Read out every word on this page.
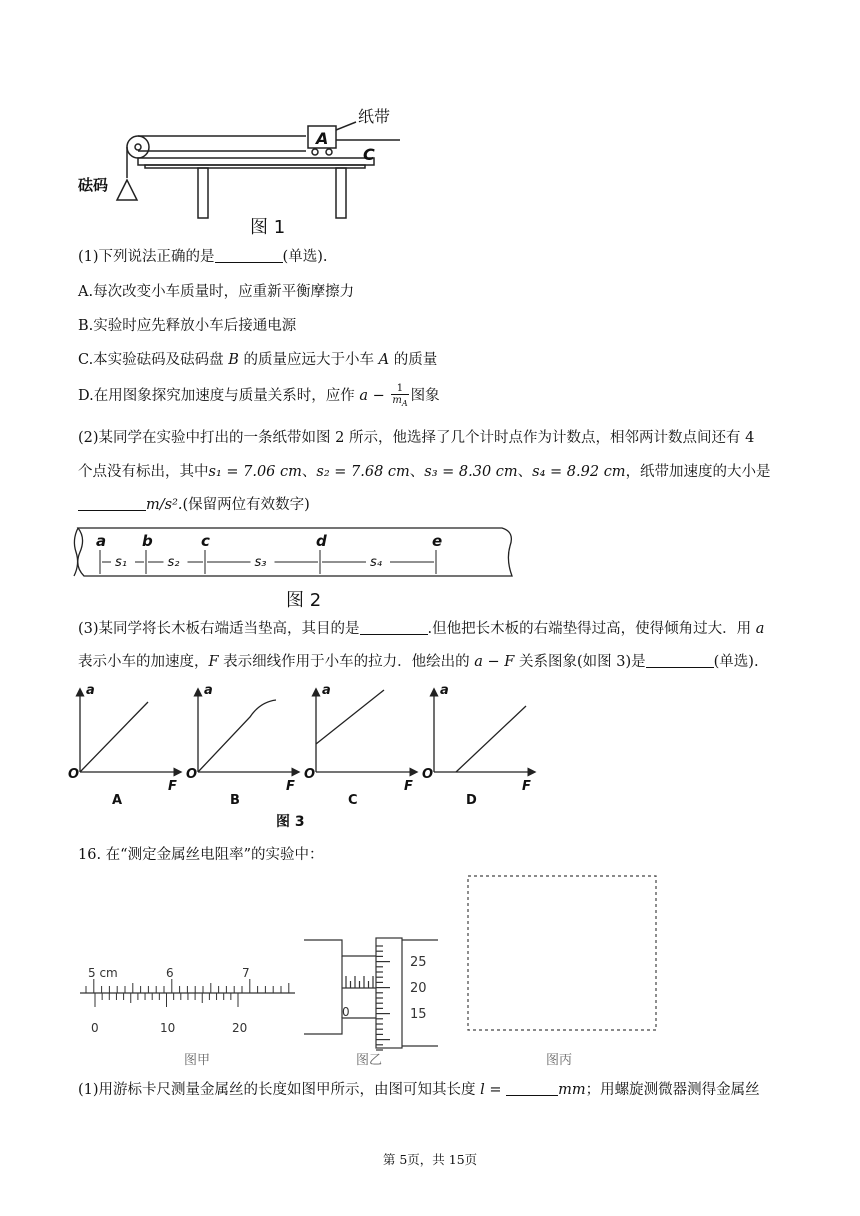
A
纸带
C
砝码
图 1
(1)下列说法正确的是	(单选).
A.每次改变小车质量时，应重新平衡摩擦力
B.实验时应先释放小车后接通电源
C.本实验砝码及砝码盘 B 的质量应远大于小车 A 的质量
D.在用图象探究加速度与质量关系时，应作 $a - \frac{1}{m_A}$ 图象
(2)某同学在实验中打出的一条纸带如图 2 所示，他选择了几个计时点作为计数点，相邻两计数点间还有 4
个点没有标出，其中s₁ = 7.06 cm、s₂ = 7.68 cm、s₃ = 8.30 cm、s₄ = 8.92 cm，纸带加速度的大小是
m/s².(保留两位有效数字)
a b	c	d	e
s₁	s₂	s₃	s₄
图 2
(3)某同学将长木板右端适当垫高，其目的是	.但他把长木板的右端垫得过高，使得倾角过大．用 a
表示小车的加速度，F 表示细线作用于小车的拉力．他绘出的 a − F 关系图象(如图 3)是	(单选).
a
F
O
A
a
F
O
B
a
F
O
C
a
F
O
D
图 3
16. 在“测定金属丝电阻率”的实验中：
5 cm	6	7
0	10	20
25
20
15
0
图甲	图乙	图丙
(1)用游标卡尺测量金属丝的长度如图甲所示，由图可知其长度 l =	mm；用螺旋测微器测得金属丝
第 5页，共 15页
